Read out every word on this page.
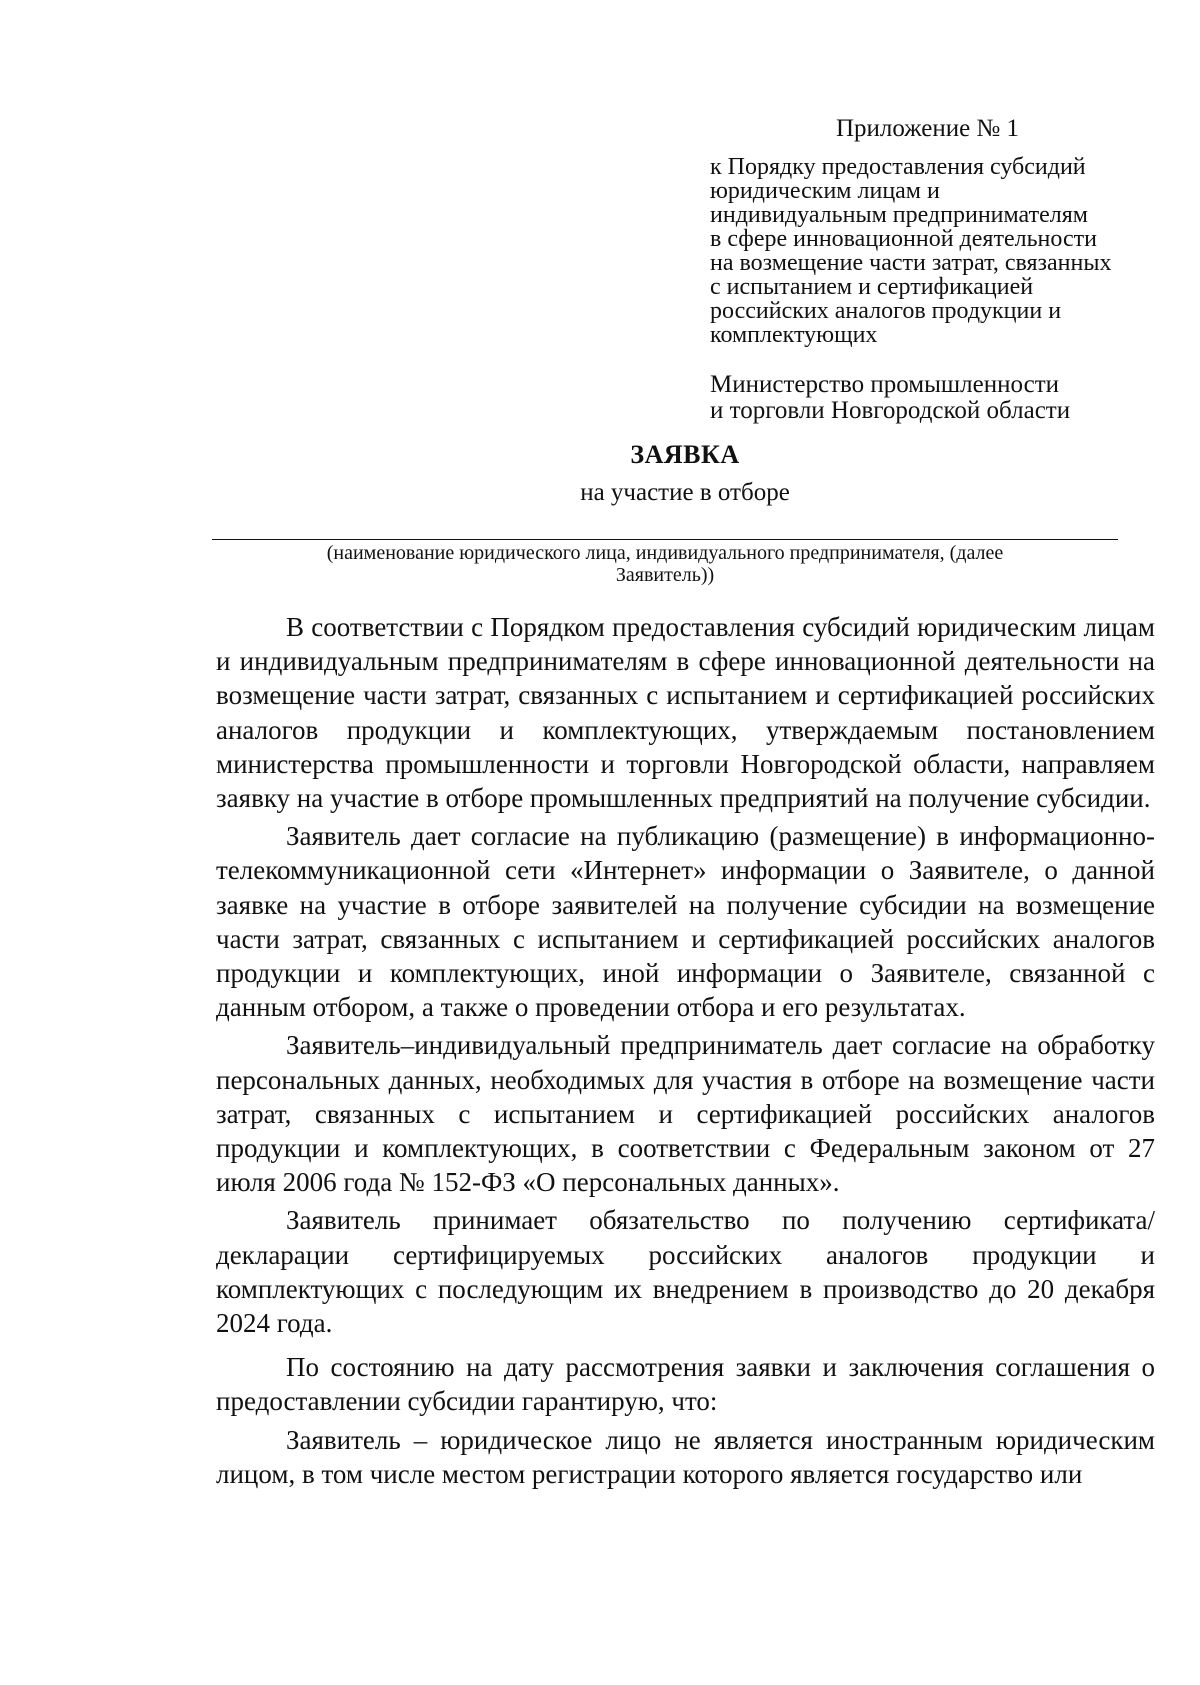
Приложение № 1
к Порядку предоставления субсидий
юридическим лицам и
индивидуальным предпринимателям
в сфере инновационной деятельности
на возмещение части затрат, связанных
с испытанием и сертификацией
российских аналогов продукции и
комплектующих
Министерство промышленности
и торговли Новгородской области
ЗАЯВКА
на участие в отборе
(наименование юридического лица, индивидуального предпринимателя, (далее
Заявитель))

В соответствии с Порядком предоставления субсидий юридическим лицам и индивидуальным предпринимателям в сфере инновационной деятельности на возмещение части затрат, связанных с испытанием и сертификацией российских аналогов продукции и комплектующих, утверждаемым постановлением министерства промышленности и торговли Новгородской области, направляем заявку на участие в отборе промышленных предприятий на получение субсидии.

Заявитель дает согласие на публикацию (размещение) в информационно-телекоммуникационной сети «Интернет» информации о Заявителе, о данной заявке на участие в отборе заявителей на получение субсидии на возмещение части затрат, связанных с испытанием и сертификацией российских аналогов продукции и комплектующих, иной информации о Заявителе, связанной с данным отбором, а также о проведении отбора и его результатах.

Заявитель–индивидуальный предприниматель дает согласие на обработку персональных данных, необходимых для участия в отборе на возмещение части затрат, связанных с испытанием и сертификацией российских аналогов продукции и комплектующих, в соответствии с Федеральным законом от 27 июля 2006 года № 152-ФЗ «О персональных данных».

Заявитель принимает обязательство по получению сертификата/декларации сертифицируемых российских аналогов продукции и комплектующих с последующим их внедрением в производство до 20 декабря 2024 года.

По состоянию на дату рассмотрения заявки и заключения соглашения о предоставлении субсидии гарантирую, что:

Заявитель – юридическое лицо не является иностранным юридическим лицом, в том числе местом регистрации которого является государство или
